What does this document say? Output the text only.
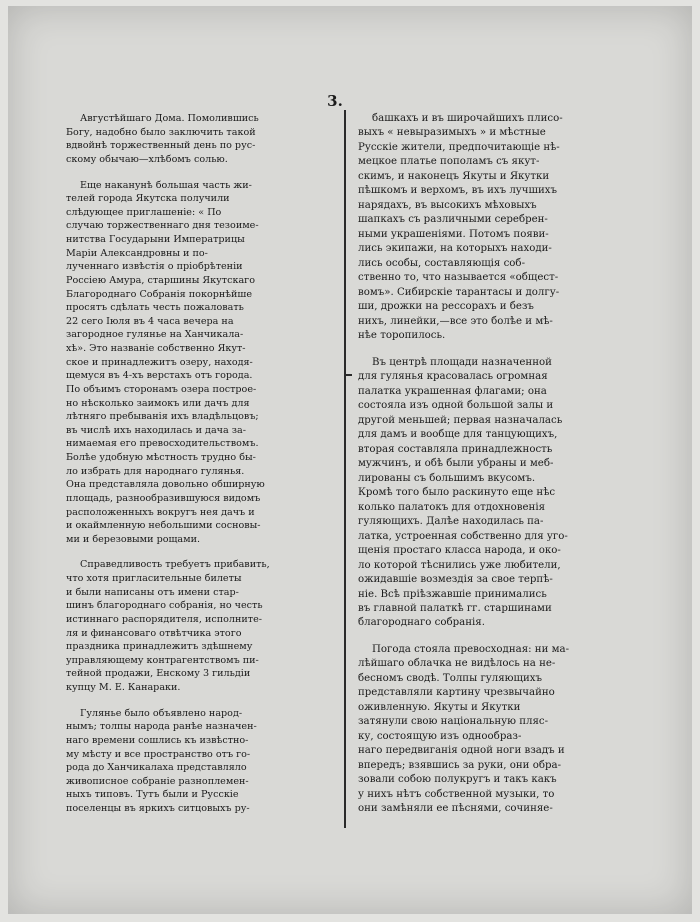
3.

Августѣйшаго Дома. Помолившись
Богу, надобно было заключить такой
вдвойнѣ торжественный день по рус-
скому обычаю—хлѣбомъ солью.

Еще наканунѣ большая часть жи-
телей города Якутска получили
слѣдующее приглашеніе: « По
случаю торжественнаго дня тезоиме-
нитства Государыни Императрицы
Маріи Александровны и по-
лученнаго извѣстія о пріобрѣтеніи
Россіею Амура, старшины Якутскаго
Благороднаго Собранія покорнѣйше
просятъ сдѣлать честь пожаловать
22 сего Іюля въ 4 часа вечера на
загородное гулянье на Ханчикала-
хѣ». Это названіе собственно Якут-
ское и принадлежитъ озеру, находя-
щемуся въ 4-хъ верстахъ отъ города.
По объимъ сторонамъ озера построе-
но нѣсколько заимокъ или дачъ для
лѣтняго пребыванія ихъ владѣльцовъ;
въ числѣ ихъ находилась и дача за-
нимаемая его превосходительствомъ.
Болѣе удобную мѣстность трудно бы-
ло избрать для народнаго гулянья.
Она представляла довольно обширную
площадь, разнообразившуюся видомъ
расположенныхъ вокругъ нея дачъ и
и окаймленную небольшими сосновы-
ми и березовыми рощами.

Справедливость требуетъ прибавить,
что хотя пригласительные билеты
и были написаны отъ имени стар-
шинъ благороднаго собранія, но честь
истиннаго распорядителя, исполните-
ля и финансоваго отвѣтчика этого
праздника принадлежитъ здѣшнему
управляющему контрагентствомъ пи-
тейной продажи, Енскому 3 гильдіи
купцу М. Е. Канараки.

Гулянье было объявлено народ-
нымъ; толпы народа ранѣе назначен-
наго времени сошлись къ извѣстно-
му мѣсту и все пространство отъ го-
рода до Ханчикалаха представляло
живописное собраніе разноплемен-
ныхъ типовъ. Тутъ были и Русскіе
поселенцы въ яркихъ ситцовыхъ ру-

башкахъ и въ широчайшихъ плисо-
выхъ « невыразимыхъ » и мѣстные
Русскіе жители, предпочитающіе нѣ-
мецкое платье пополамъ съ якут-
скимъ, и наконецъ Якуты и Якутки
пѣшкомъ и верхомъ, въ ихъ лучшихъ
нарядахъ, въ высокихъ мѣховыхъ
шапкахъ съ различными серебрен-
ными украшеніями. Потомъ появи-
лись экипажи, на которыхъ находи-
лись особы, составляющія соб-
ственно то, что называется «общест-
вомъ». Сибирскіе тарантасы и долгу-
ши, дрожки на рессорахъ и безъ
нихъ, линейки,—все это болѣе и мѣ-
нѣе торопилось.

Въ центрѣ площади назначенной
для гулянья красовалась огромная
палатка украшенная флагами; она
состояла изъ одной большой залы и
другой меньшей; первая назначалась
для дамъ и вообще для танцующихъ,
вторая составляла принадлежность
мужчинъ, и обѣ были убраны и меб-
лированы съ большимъ вкусомъ.
Кромѣ того было раскинуто еще нѣс
колько палатокъ для отдохновенія
гуляющихъ. Далѣе находилась па-
латка, устроенная собственно для уго-
щенія простаго класса народа, и око-
ло которой тѣснились уже любители,
ожидавшіе возмездія за свое терпѣ-
ніе. Всѣ пріѣзжавшіе принимались
въ главной палаткѣ гг. старшинами
благороднаго собранія.

Погода стояла превосходная: ни ма-
лѣйшаго облачка не видѣлось на не-
бесномъ сводѣ. Толпы гуляющихъ
представляли картину чрезвычайно
оживленную. Якуты и Якутки
затянули свою національную пляс-
ку, состоящую изъ однообраз-
наго передвиганія одной ноги взадъ и
впередъ; взявшись за руки, они обра-
зовали собою полукругъ и такъ какъ
у нихъ нѣтъ собственной музыки, то
они замѣняли ее пѣснями, сочиняе-
